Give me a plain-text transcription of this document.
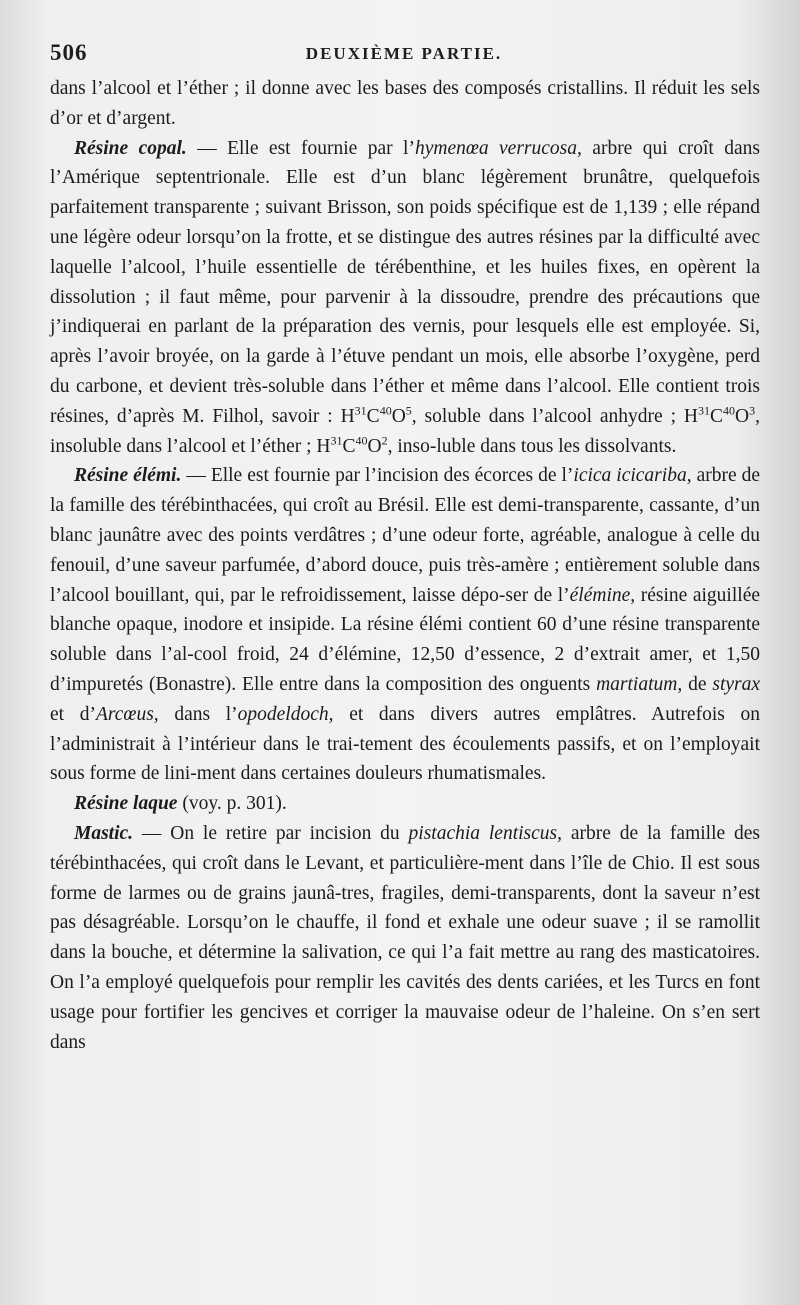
506	DEUXIÈME PARTIE.

dans l’alcool et l’éther ; il donne avec les bases des composés cristallins. Il réduit les sels d’or et d’argent.

Résine copal. — Elle est fournie par l’hymenœa verrucosa, arbre qui croît dans l’Amérique septentrionale. Elle est d’un blanc légèrement brunâtre, quelquefois parfaitement transparente ; suivant Brisson, son poids spécifique est de 1,139 ; elle répand une légère odeur lorsqu’on la frotte, et se distingue des autres résines par la difficulté avec laquelle l’alcool, l’huile essentielle de térébenthine, et les huiles fixes, en opèrent la dissolution ; il faut même, pour parvenir à la dissoudre, prendre des précautions que j’indiquerai en parlant de la préparation des vernis, pour lesquels elle est employée. Si, après l’avoir broyée, on la garde à l’étuve pendant un mois, elle absorbe l’oxygène, perd du carbone, et devient très-soluble dans l’éther et même dans l’alcool. Elle contient trois résines, d’après M. Filhol, savoir : $H^{31}C^{40}O^5$, soluble dans l’alcool anhydre ; $H^{31}C^{40}O^3$, insoluble dans l’alcool et l’éther ; $H^{31}C^{40}O^2$, inso-luble dans tous les dissolvants.

Résine élémi. — Elle est fournie par l’incision des écorces de l’icica icicariba, arbre de la famille des térébinthacées, qui croît au Brésil. Elle est demi-transparente, cassante, d’un blanc jaunâtre avec des points verdâtres ; d’une odeur forte, agréable, analogue à celle du fenouil, d’une saveur parfumée, d’abord douce, puis très-amère ; entièrement soluble dans l’alcool bouillant, qui, par le refroidissement, laisse dépo-ser de l’élémine, résine aiguillée blanche opaque, inodore et insipide. La résine élémi contient 60 d’une résine transparente soluble dans l’al-cool froid, 24 d’élémine, 12,50 d’essence, 2 d’extrait amer, et 1,50 d’impuretés (Bonastre). Elle entre dans la composition des onguents martiatum, de styrax et d’Arcœus, dans l’opodeldoch, et dans divers autres emplâtres. Autrefois on l’administrait à l’intérieur dans le trai-tement des écoulements passifs, et on l’employait sous forme de lini-ment dans certaines douleurs rhumatismales.

Résine laque (voy. p. 301).

Mastic. — On le retire par incision du pistachia lentiscus, arbre de la famille des térébinthacées, qui croît dans le Levant, et particulière-ment dans l’île de Chio. Il est sous forme de larmes ou de grains jaunâ-tres, fragiles, demi-transparents, dont la saveur n’est pas désagréable. Lorsqu’on le chauffe, il fond et exhale une odeur suave ; il se ramollit dans la bouche, et détermine la salivation, ce qui l’a fait mettre au rang des masticatoires. On l’a employé quelquefois pour remplir les cavités des dents cariées, et les Turcs en font usage pour fortifier les gencives et corriger la mauvaise odeur de l’haleine. On s’en sert dans
